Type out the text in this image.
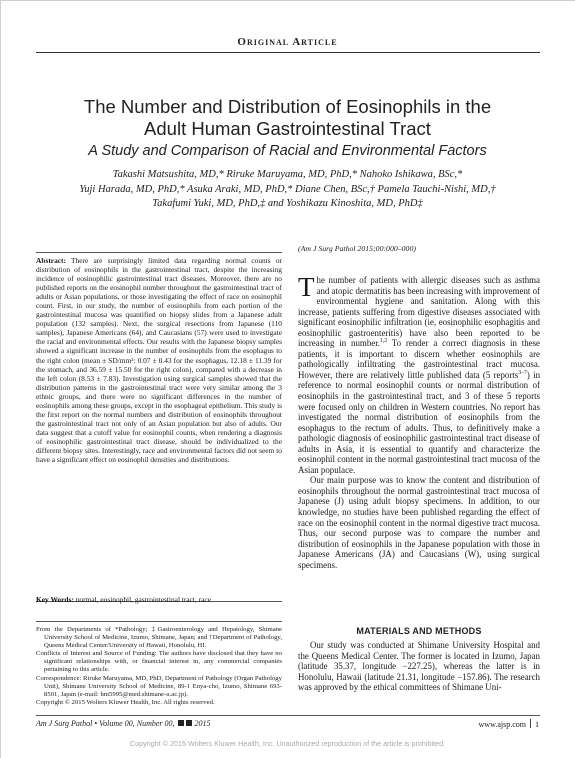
Original Article
The Number and Distribution of Eosinophils in the
Adult Human Gastrointestinal Tract
A Study and Comparison of Racial and Environmental Factors
Takashi Matsushita, MD,* Riruke Maruyama, MD, PhD,* Nahoko Ishikawa, BSc,*
Yuji Harada, MD, PhD,* Asuka Araki, MD, PhD,* Diane Chen, BSc,† Pamela Tauchi-Nishi, MD,†
Takafumi Yuki, MD, PhD,‡ and Yoshikazu Kinoshita, MD, PhD‡
Abstract: There are surprisingly limited data regarding normal counts or distribution of eosinophils in the gastrointestinal tract, despite the increasing incidence of eosinophilic gastrointestinal tract diseases. Moreover, there are no published reports on the eosinophil number throughout the gastrointestinal tract of adults or Asian populations, or those investigating the effect of race on eosinophil count. First, in our study, the number of eosinophils from each portion of the gastrointestinal mucosa was quantified on biopsy slides from a Japanese adult population (132 samples). Next, the surgical resections from Japanese (110 samples), Japanese Americans (64), and Caucasians (57) were used to investigate the racial and environmental effects. Our results with the Japanese biopsy samples showed a significant increase in the number of eosinophils from the esophagus to the right colon (mean ± SD/mm²: 0.07 ± 0.43 for the esophagus, 12.18 ± 11.39 for the stomach, and 36.59 ± 15.50 for the right colon), compared with a decrease in the left colon (8.53 ± 7.83). Investigation using surgical samples showed that the distribution patterns in the gastrointestinal tract were very similar among the 3 ethnic groups, and there were no significant differences in the number of eosinophils among these groups, except in the esophageal epithelium. This study is the first report on the normal numbers and distribution of eosinophils throughout the gastrointestinal tract not only of an Asian population but also of adults. Our data suggest that a cutoff value for eosinophil counts, when rendering a diagnosis of eosinophilic gastrointestinal tract disease, should be individualized to the different biopsy sites. Interestingly, race and environmental factors did not seem to have a significant effect on eosinophil densities and distributions.
Key Words: normal, eosinophil, gastrointestinal tract, race
(Am J Surg Pathol 2015;00:000–000)

The number of patients with allergic diseases such as asthma and atopic dermatitis has been increasing with improvement of environmental hygiene and sanitation. Along with this increase, patients suffering from digestive diseases associated with significant eosinophilic infiltration (ie, eosinophilic esophagitis and eosinophilic gastroenteritis) have also been reported to be increasing in number.$^{1,2}$ To render a correct diagnosis in these patients, it is important to discern whether eosinophils are pathologically infiltrating the gastrointestinal tract mucosa. However, there are relatively little published data (5 reports$^{3-7}$) in reference to normal eosinophil counts or normal distribution of eosinophils in the gastrointestinal tract, and 3 of these 5 reports were focused only on children in Western countries. No report has investigated the normal distribution of eosinophils from the esophagus to the rectum of adults. Thus, to definitively make a pathologic diagnosis of eosinophilic gastrointestinal tract disease of adults in Asia, it is essential to quantify and characterize the eosinophil content in the normal gastrointestinal tract mucosa of the Asian populace.

Our main purpose was to know the content and distribution of eosinophils throughout the normal gastrointestinal tract mucosa of Japanese (J) using adult biopsy specimens. In addition, to our knowledge, no studies have been published regarding the effect of race on the eosinophil content in the normal digestive tract mucosa. Thus, our second purpose was to compare the number and distribution of eosinophils in the Japanese population with those in Japanese Americans (JA) and Caucasians (W), using surgical specimens.

MATERIALS AND METHODS
Our study was conducted at Shimane University Hospital and the Queens Medical Center. The former is located in Izumo, Japan (latitude 35.37, longitude −227.25), whereas the latter is in Honolulu, Hawaii (latitude 21.31, longitude −157.86). The research was approved by the ethical committees of Shimane Uni-
From the Departments of *Pathology; ‡Gastroenterology and Hepatology, Shimane University School of Medicine, Izumo, Shimane, Japan; and †Department of Pathology, Queens Medical Center/University of Hawaii, Honolulu, HI.
Conflicts of Interest and Source of Funding: The authors have disclosed that they have no significant relationships with, or financial interest in, any commercial companies pertaining to this article.
Correspondence: Riruke Maruyama, MD, PhD, Department of Pathology (Organ Pathology Unit), Shimane University School of Medicine, 89-1 Enya-cho, Izumo, Shimane 693-8501, Japan (e-mail: hm5995@med.shimane-u.ac.jp).
Copyright © 2015 Wolters Kluwer Health, Inc. All rights reserved.
Am J Surg Pathol • Volume 00, Number 00,	2015	www.ajsp.com 1
Copyright © 2015 Wolters Kluwer Health, Inc. Unauthorized reproduction of the article is prohibited.
